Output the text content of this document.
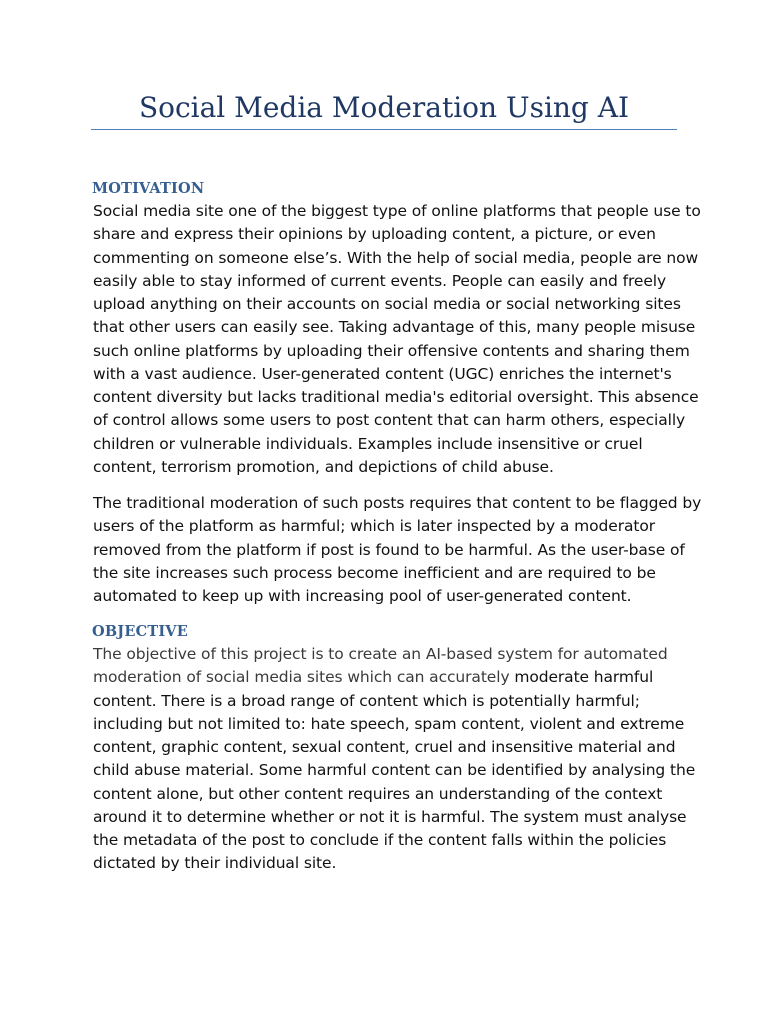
Social Media Moderation Using AI
MOTIVATION

Social media site one of the biggest type of online platforms that people use to
share and express their opinions by uploading content, a picture, or even
commenting on someone else’s. With the help of social media, people are now
easily able to stay informed of current events. People can easily and freely
upload anything on their accounts on social media or social networking sites
that other users can easily see. Taking advantage of this, many people misuse
such online platforms by uploading their offensive contents and sharing them
with a vast audience. User-generated content (UGC) enriches the internet's
content diversity but lacks traditional media's editorial oversight. This absence
of control allows some users to post content that can harm others, especially
children or vulnerable individuals. Examples include insensitive or cruel
content, terrorism promotion, and depictions of child abuse.

The traditional moderation of such posts requires that content to be flagged by
users of the platform as harmful; which is later inspected by a moderator
removed from the platform if post is found to be harmful. As the user-base of
the site increases such process become inefficient and are required to be
automated to keep up with increasing pool of user-generated content.

OBJECTIVE

The objective of this project is to create an AI-based system for automated
moderation of social media sites which can accurately moderate harmful
content. There is a broad range of content which is potentially harmful;
including but not limited to: hate speech, spam content, violent and extreme
content, graphic content, sexual content, cruel and insensitive material and
child abuse material. Some harmful content can be identified by analysing the
content alone, but other content requires an understanding of the context
around it to determine whether or not it is harmful. The system must analyse
the metadata of the post to conclude if the content falls within the policies
dictated by their individual site.
